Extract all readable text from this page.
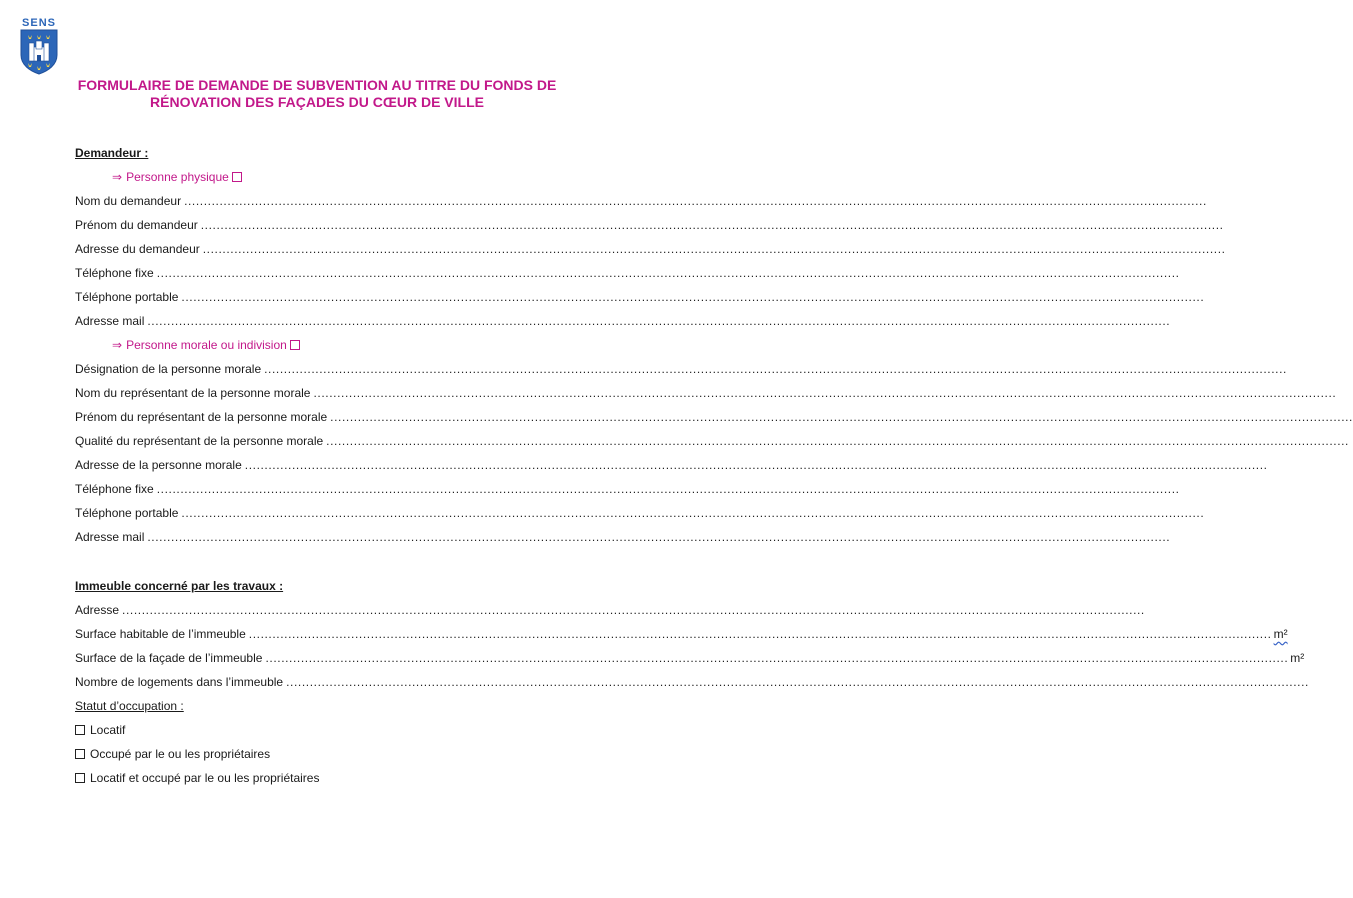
SENS
FORMULAIRE DE DEMANDE DE SUBVENTION AU TITRE DU FONDS DE
RÉNOVATION DES FAÇADES DU CŒUR DE VILLE
Demandeur :
⇒ Personne physique
Nom du demandeur ....................................................................................................................................................................................................................................................................
Prénom du demandeur ....................................................................................................................................................................................................................................................................
Adresse du demandeur ....................................................................................................................................................................................................................................................................
Téléphone fixe ....................................................................................................................................................................................................................................................................
Téléphone portable ....................................................................................................................................................................................................................................................................
Adresse mail ....................................................................................................................................................................................................................................................................
⇒ Personne morale ou indivision
Désignation de la personne morale ....................................................................................................................................................................................................................................................................
Nom du représentant de la personne morale ....................................................................................................................................................................................................................................................................
Prénom du représentant de la personne morale ....................................................................................................................................................................................................................................................................
Qualité du représentant de la personne morale ....................................................................................................................................................................................................................................................................
Adresse de la personne morale ....................................................................................................................................................................................................................................................................
Téléphone fixe ....................................................................................................................................................................................................................................................................
Téléphone portable ....................................................................................................................................................................................................................................................................
Adresse mail ....................................................................................................................................................................................................................................................................
Immeuble concerné par les travaux :
Adresse ....................................................................................................................................................................................................................................................................
Surface habitable de l’immeuble .................................................................................................................................................................................................................................................................... m²
Surface de la façade de l’immeuble .................................................................................................................................................................................................................................................................... m²
Nombre de logements dans l’immeuble ....................................................................................................................................................................................................................................................................
Statut d’occupation :
Locatif
Occupé par le ou les propriétaires
Locatif et occupé par le ou les propriétaires
